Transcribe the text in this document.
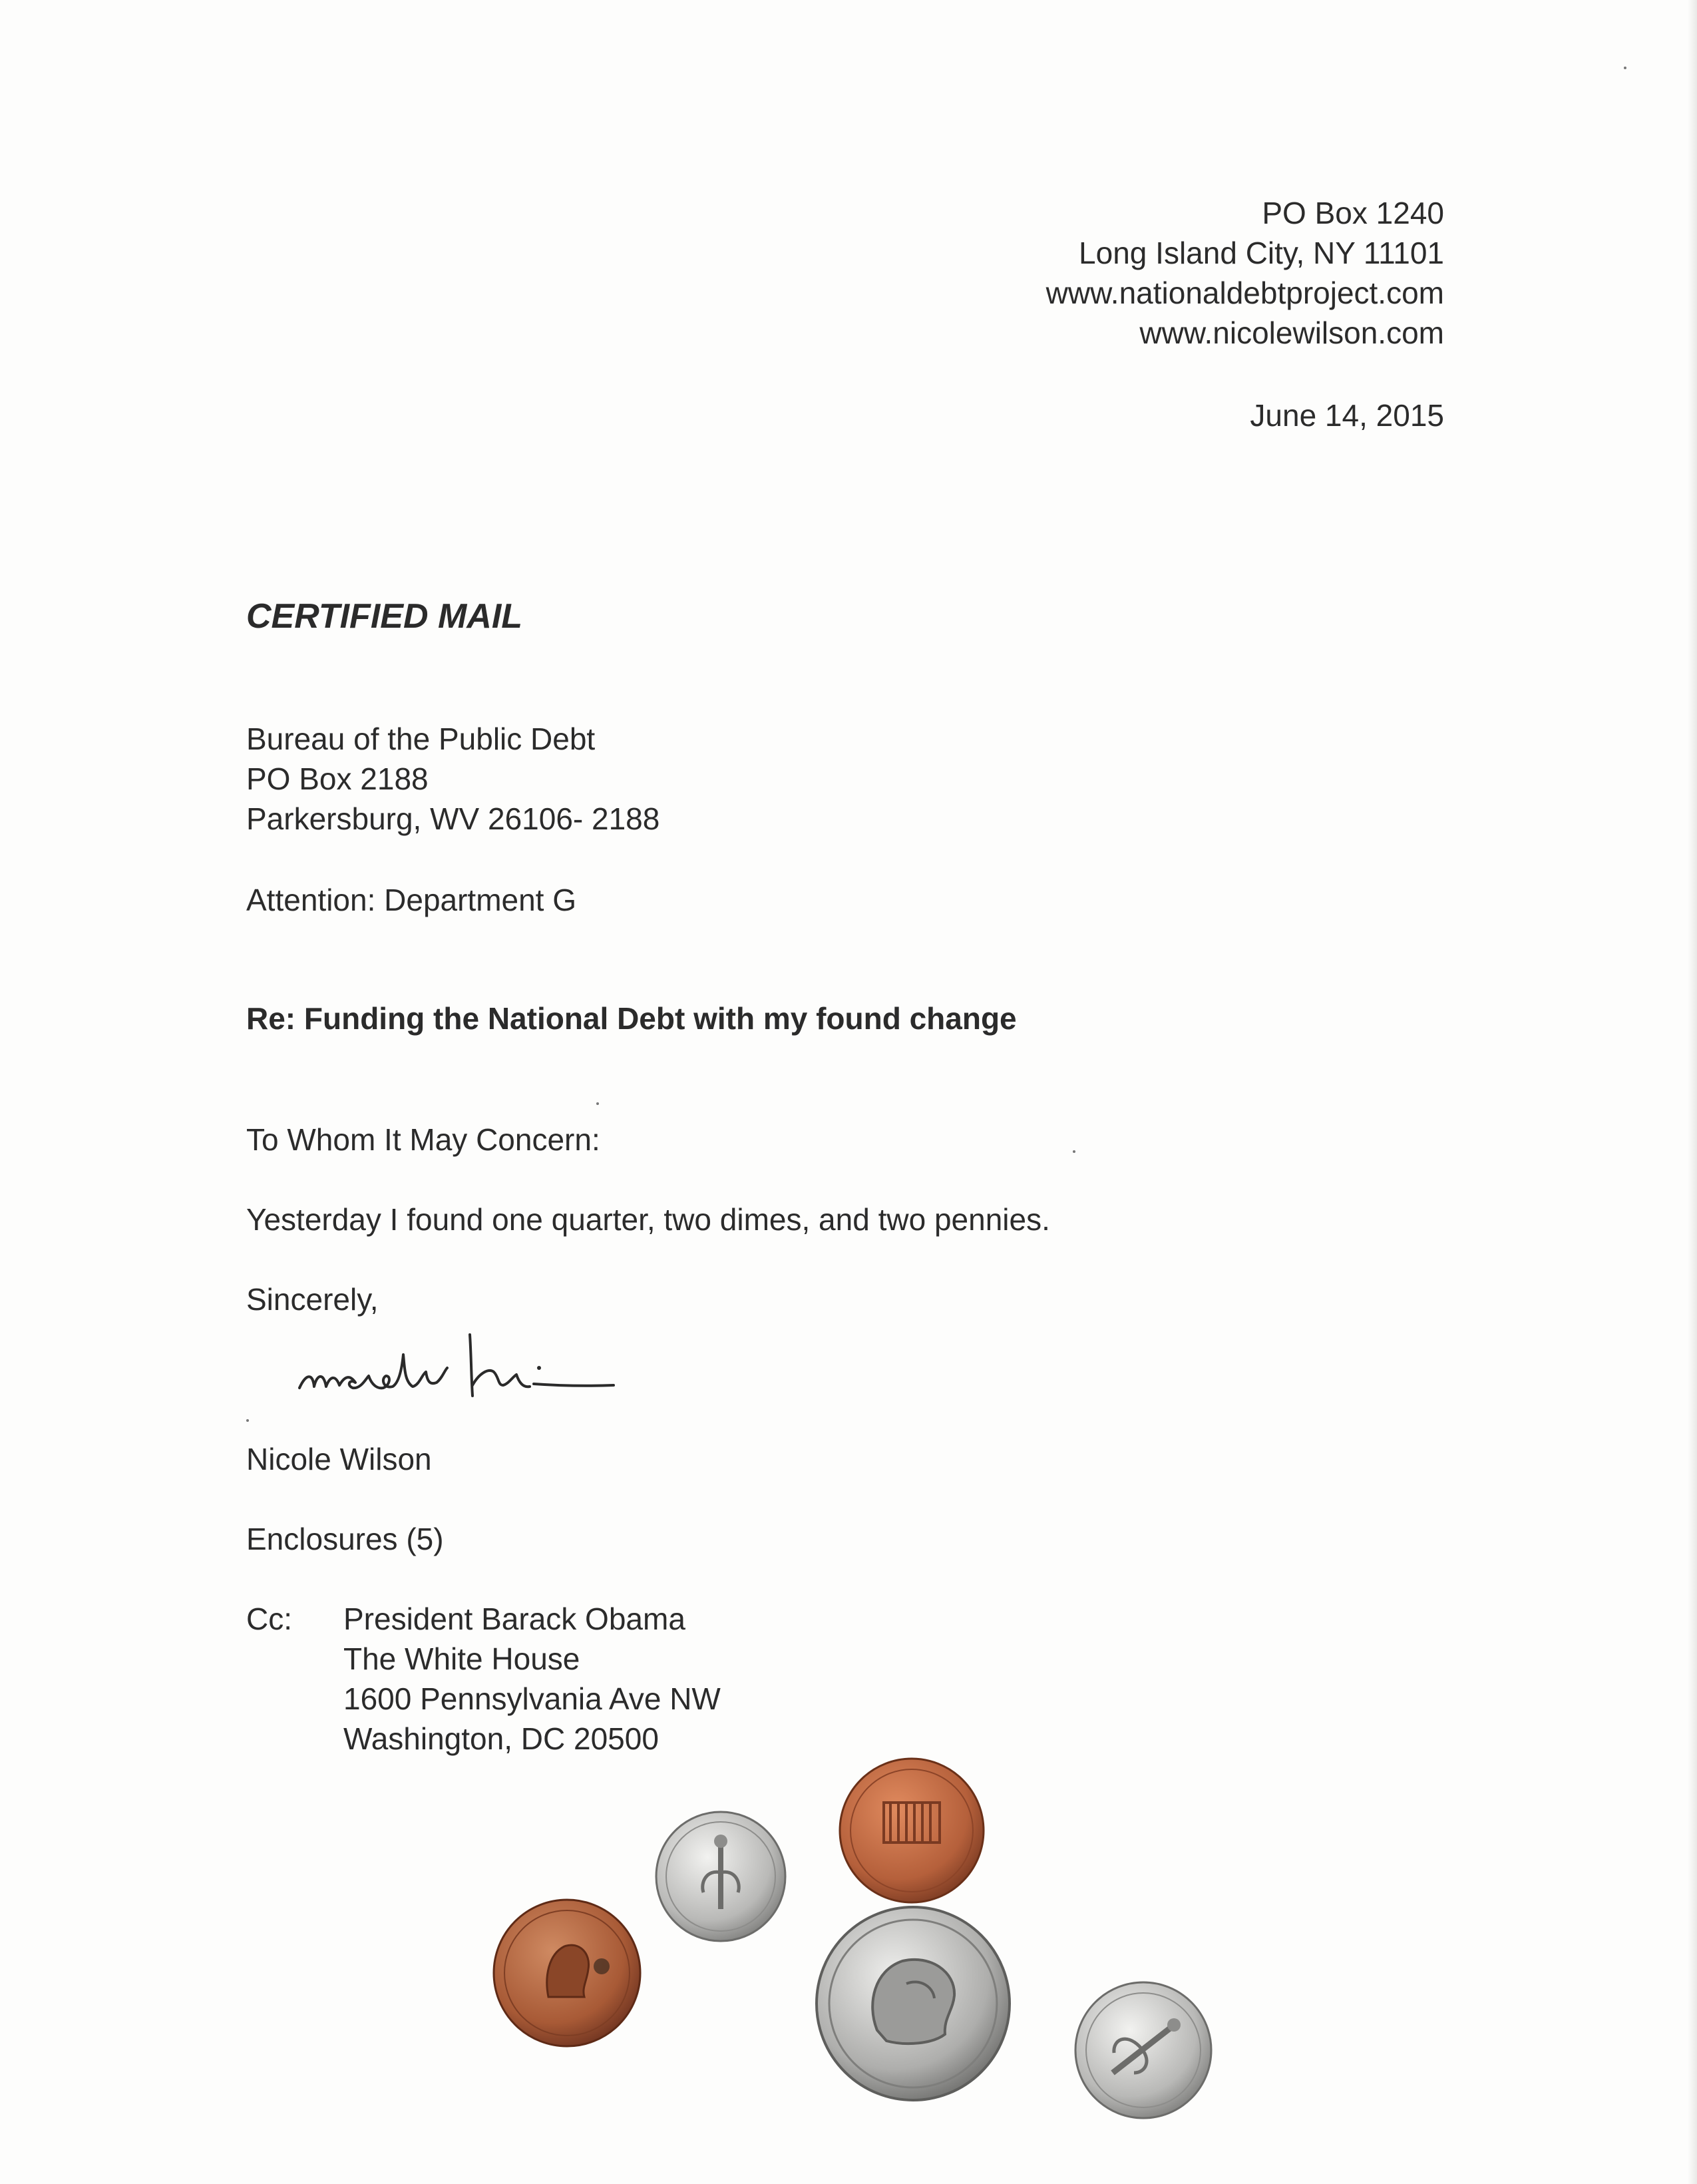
PO Box 1240
Long Island City, NY 11101
www.nationaldebtproject.com
www.nicolewilson.com
June 14, 2015
CERTIFIED MAIL
Bureau of the Public Debt
PO Box 2188
Parkersburg, WV 26106- 2188
Attention: Department G
Re: Funding the National Debt with my found change
To Whom It May Concern:
Yesterday I found one quarter, two dimes, and two pennies.
Sincerely,
Nicole Wilson
Enclosures (5)
Cc: President Barack Obama
The White House
1600 Pennsylvania Ave NW
Washington, DC 20500
